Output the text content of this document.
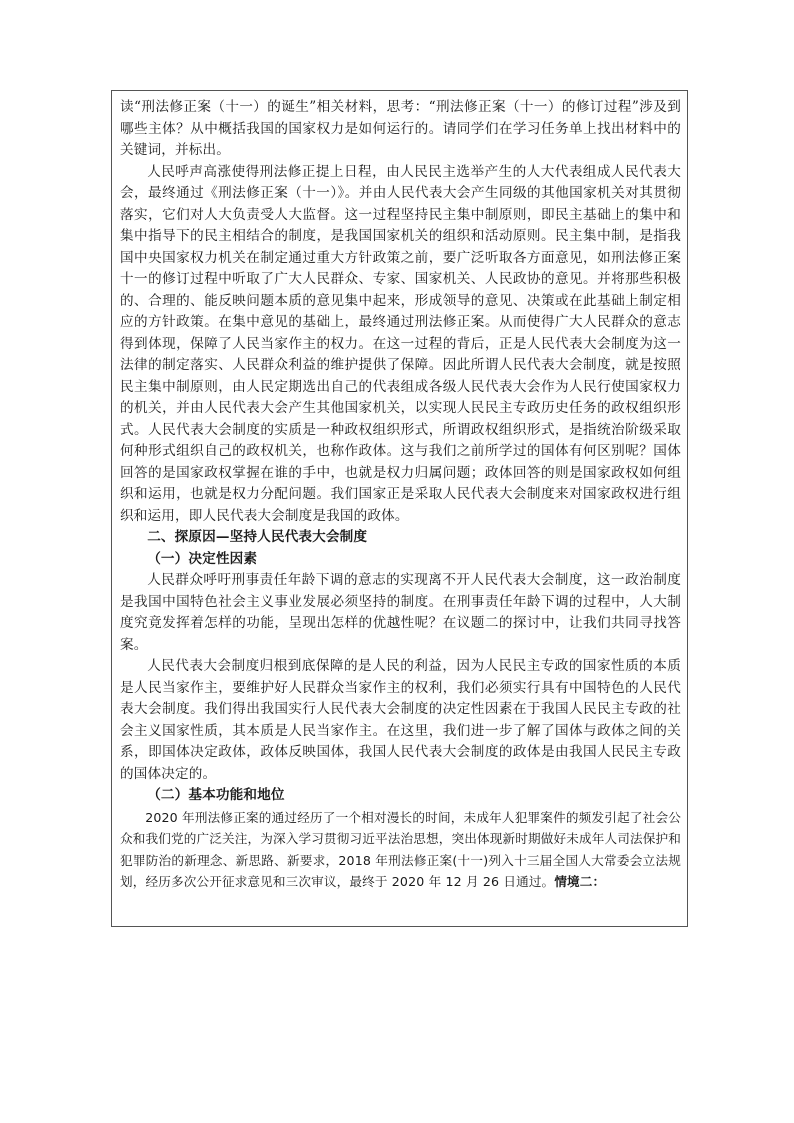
读“刑法修正案（十一）的诞生”相关材料，思考：“刑法修正案（十一）的修订过程”涉及到哪些主体？从中概括我国的国家权力是如何运行的。请同学们在学习任务单上找出材料中的关键词，并标出。

人民呼声高涨使得刑法修正提上日程，由人民民主选举产生的人大代表组成人民代表大会，最终通过《刑法修正案（十一）》。并由人民代表大会产生同级的其他国家机关对其贯彻落实，它们对人大负责受人大监督。这一过程坚持民主集中制原则，即民主基础上的集中和集中指导下的民主相结合的制度，是我国国家机关的组织和活动原则。民主集中制，是指我国中央国家权力机关在制定通过重大方针政策之前，要广泛听取各方面意见，如刑法修正案十一的修订过程中听取了广大人民群众、专家、国家机关、人民政协的意见。并将那些积极的、合理的、能反映问题本质的意见集中起来，形成领导的意见、决策或在此基础上制定相应的方针政策。在集中意见的基础上，最终通过刑法修正案。从而使得广大人民群众的意志得到体现，保障了人民当家作主的权力。在这一过程的背后，正是人民代表大会制度为这一法律的制定落实、人民群众利益的维护提供了保障。因此所谓人民代表大会制度，就是按照民主集中制原则，由人民定期选出自己的代表组成各级人民代表大会作为人民行使国家权力的机关，并由人民代表大会产生其他国家机关，以实现人民民主专政历史任务的政权组织形式。人民代表大会制度的实质是一种政权组织形式，所谓政权组织形式，是指统治阶级采取何种形式组织自己的政权机关，也称作政体。这与我们之前所学过的国体有何区别呢？国体回答的是国家政权掌握在谁的手中，也就是权力归属问题；政体回答的则是国家政权如何组织和运用，也就是权力分配问题。我们国家正是采取人民代表大会制度来对国家政权进行组织和运用，即人民代表大会制度是我国的政体。

二、探原因—坚持人民代表大会制度

（一）决定性因素

人民群众呼吁刑事责任年龄下调的意志的实现离不开人民代表大会制度，这一政治制度是我国中国特色社会主义事业发展必须坚持的制度。在刑事责任年龄下调的过程中，人大制度究竟发挥着怎样的功能，呈现出怎样的优越性呢？在议题二的探讨中，让我们共同寻找答案。

人民代表大会制度归根到底保障的是人民的利益，因为人民民主专政的国家性质的本质是人民当家作主，要维护好人民群众当家作主的权利，我们必须实行具有中国特色的人民代表大会制度。我们得出我国实行人民代表大会制度的决定性因素在于我国人民民主专政的社会主义国家性质，其本质是人民当家作主。在这里，我们进一步了解了国体与政体之间的关系，即国体决定政体，政体反映国体，我国人民代表大会制度的政体是由我国人民民主专政的国体决定的。

（二）基本功能和地位

2020 年刑法修正案的通过经历了一个相对漫长的时间，未成年人犯罪案件的频发引起了社会公众和我们党的广泛关注，为深入学习贯彻习近平法治思想，突出体现新时期做好未成年人司法保护和犯罪防治的新理念、新思路、新要求，2018 年刑法修正案(十一)列入十三届全国人大常委会立法规划，经历多次公开征求意见和三次审议，最终于 2020 年 12 月 26 日通过。情境二：
